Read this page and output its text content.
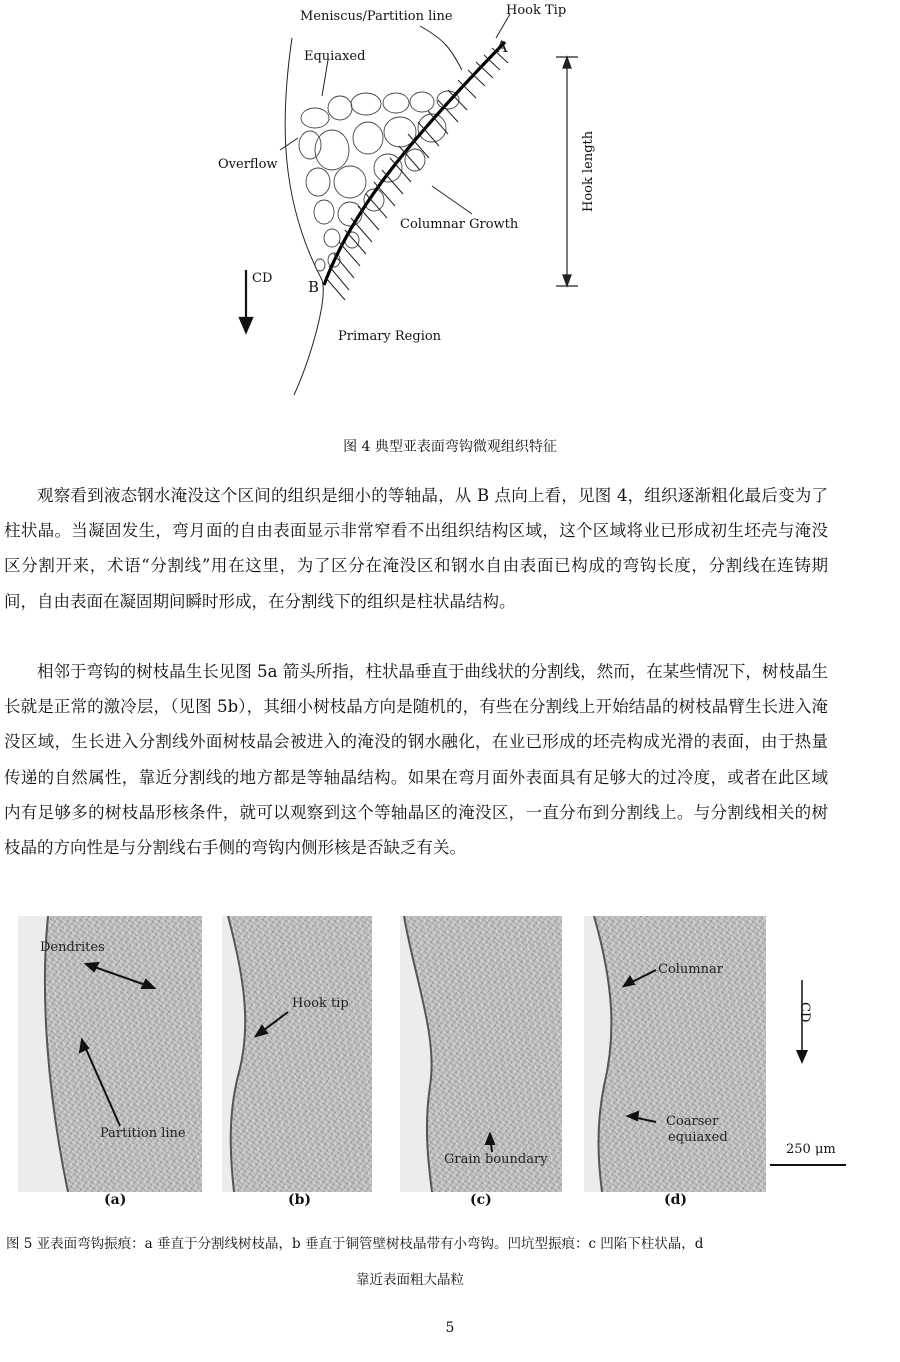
Meniscus/Partition line	Hook Tip
A
Equiaxed
Overflow
Columnar Growth
B
CD
Primary Region
Hook length
图 4 典型亚表面弯钩微观组织特征

观察看到液态钢水淹没这个区间的组织是细小的等轴晶，从 B 点向上看，见图 4，组织逐渐粗化最后变为了柱状晶。当凝固发生，弯月面的自由表面显示非常窄看不出组织结构区域，这个区域将业已形成初生坯壳与淹没区分割开来，术语“分割线”用在这里，为了区分在淹没区和钢水自由表面已构成的弯钩长度，分割线在连铸期间，自由表面在凝固期间瞬时形成，在分割线下的组织是柱状晶结构。

相邻于弯钩的树枝晶生长见图 5a 箭头所指，柱状晶垂直于曲线状的分割线，然而，在某些情况下，树枝晶生长就是正常的激冷层，（见图 5b），其细小树枝晶方向是随机的，有些在分割线上开始结晶的树枝晶臂生长进入淹没区域，生长进入分割线外面树枝晶会被进入的淹没的钢水融化，在业已形成的坯壳构成光滑的表面，由于热量传递的自然属性，靠近分割线的地方都是等轴晶结构。如果在弯月面外表面具有足够大的过冷度，或者在此区域内有足够多的树枝晶形核条件，就可以观察到这个等轴晶区的淹没区，一直分布到分割线上。与分割线相关的树枝晶的方向性是与分割线右手侧的弯钩内侧形核是否缺乏有关。

Dendrites
Partition line
(a)
Hook tip
(b)
Grain boundary
(c)
Columnar
Coarser
equiaxed
(d)
CD
250 μm
图 5 亚表面弯钩振痕：a 垂直于分割线树枝晶，b 垂直于铜管壁树枝晶带有小弯钩。凹坑型振痕：c 凹陷下柱状晶，d
靠近表面粗大晶粒
5
